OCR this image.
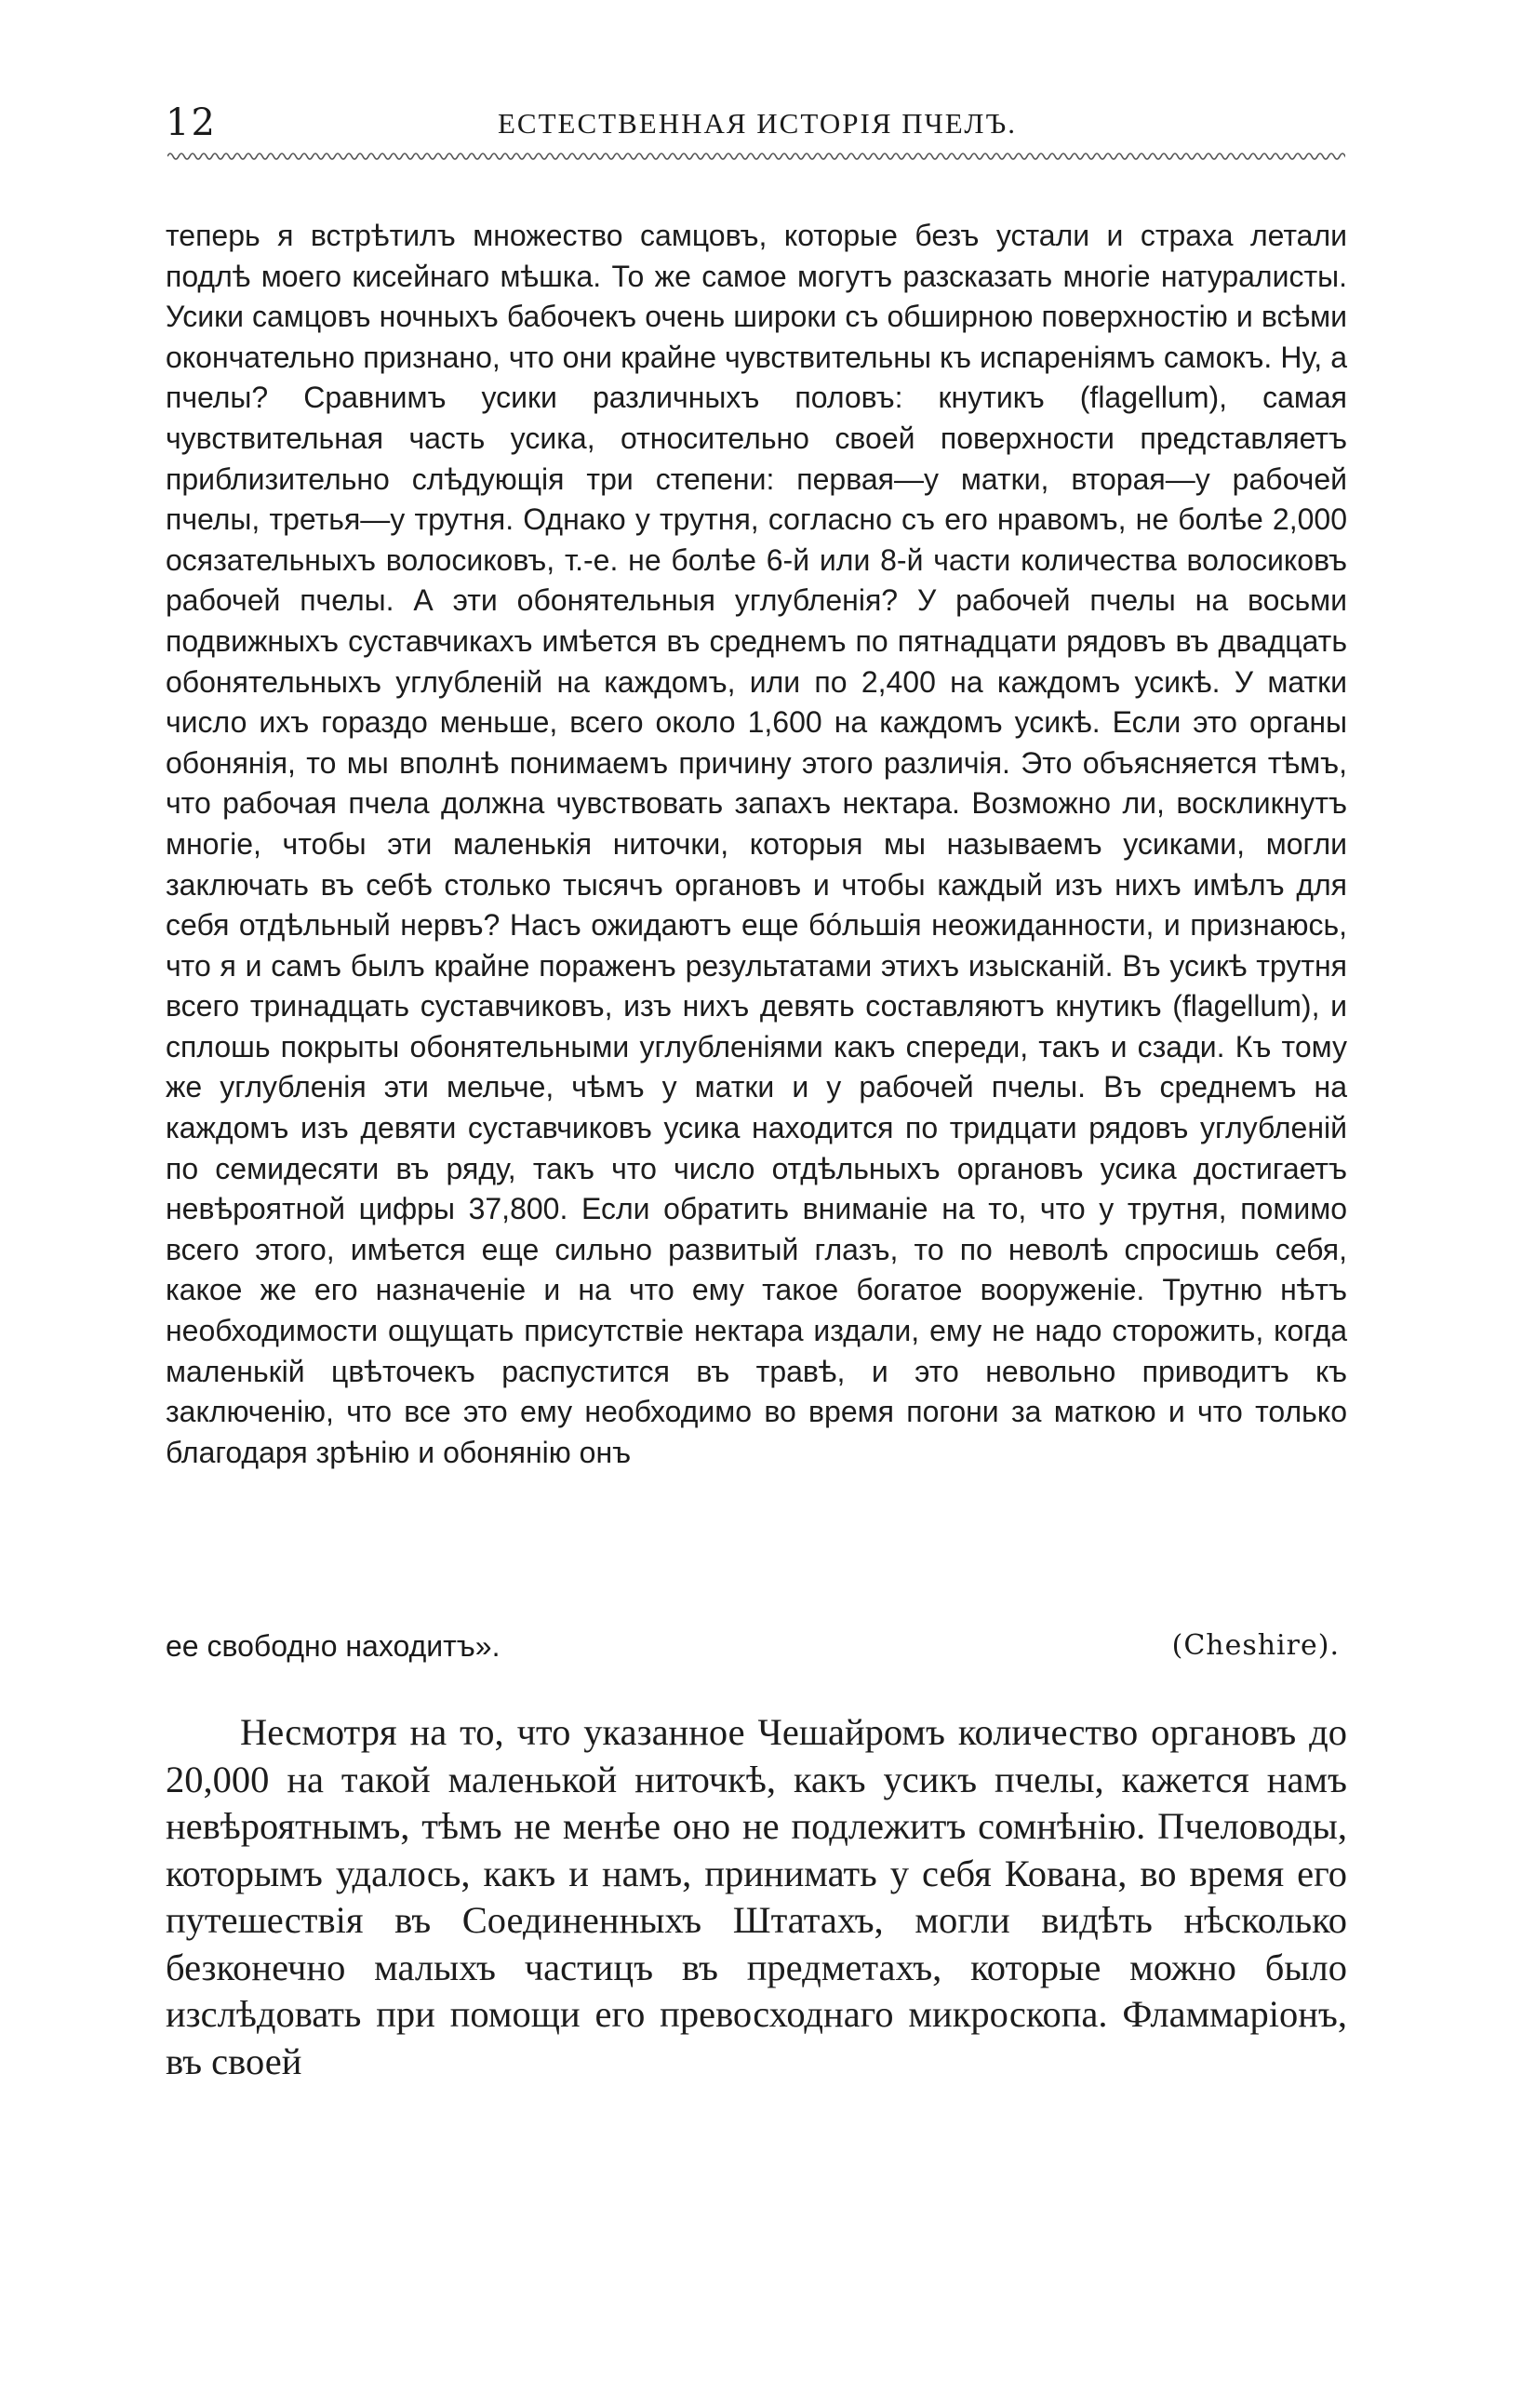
12	ЕСТЕСТВЕННАЯ ИСТОРІЯ ПЧЕЛЪ.

теперь я встрѣтилъ множество самцовъ, которые безъ устали и страха летали подлѣ моего кисейнаго мѣшка. То же самое могутъ разсказать многіе натуралисты. Усики самцовъ ночныхъ бабочекъ очень широки съ обширною поверхностію и всѣми окончательно признано, что они крайне чувствительны къ испареніямъ самокъ. Ну, а пчелы? Сравнимъ усики различныхъ половъ: кнутикъ (flagellum), самая чувствительная часть усика, относительно своей поверхности представляетъ приблизительно слѣдующія три степени: первая—у матки, вторая—у рабочей пчелы, третья—у трутня. Однако у трутня, согласно съ его нравомъ, не болѣе 2,000 осязательныхъ волосиковъ, т.-е. не болѣе 6-й или 8-й части количества волосиковъ рабочей пчелы. А эти обонятельныя углубленія? У рабочей пчелы на восьми подвижныхъ суставчикахъ имѣется въ среднемъ по пятнадцати рядовъ въ двадцать обонятельныхъ углубленій на каждомъ, или по 2,400 на каждомъ усикѣ. У матки число ихъ гораздо меньше, всего около 1,600 на каждомъ усикѣ. Если это органы обонянія, то мы вполнѣ понимаемъ причину этого различія. Это объясняется тѣмъ, что рабочая пчела должна чувствовать запахъ нектара. Возможно ли, воскликнутъ многіе, чтобы эти маленькія ниточки, которыя мы называемъ усиками, могли заключать въ себѣ столько тысячъ органовъ и чтобы каждый изъ нихъ имѣлъ для себя отдѣльный нервъ? Насъ ожидаютъ еще бóльшія неожиданности, и признаюсь, что я и самъ былъ крайне пораженъ результатами этихъ изысканій. Въ усикѣ трутня всего тринадцать суставчиковъ, изъ нихъ девять составляютъ кнутикъ (flagellum), и сплошь покрыты обонятельными углубленіями какъ спереди, такъ и сзади. Къ тому же углубленія эти мельче, чѣмъ у матки и у рабочей пчелы. Въ среднемъ на каждомъ изъ девяти суставчиковъ усика находится по тридцати рядовъ углубленій по семидесяти въ ряду, такъ что число отдѣльныхъ органовъ усика достигаетъ невѣроятной цифры 37,800. Если обратить вниманіе на то, что у трутня, помимо всего этого, имѣется еще сильно развитый глазъ, то по неволѣ спросишь себя, какое же его назначеніе и на что ему такое богатое вооруженіе. Трутню нѣтъ необходимости ощущать присутствіе нектара издали, ему не надо сторожить, когда маленькій цвѣточекъ распустится въ травѣ, и это невольно приводитъ къ заключенію, что все это ему необходимо во время погони за маткою и что только благодаря зрѣнію и обонянію онъ

ее свободно находитъ».	(Cheshire).

Несмотря на то, что указанное Чешайромъ количество органовъ до 20,000 на такой маленькой ниточкѣ, какъ усикъ пчелы, кажется намъ невѣроятнымъ, тѣмъ не менѣе оно не подлежитъ сомнѣнію. Пчеловоды, которымъ удалось, какъ и намъ, принимать у себя Кована, во время его путешествія въ Соединенныхъ Штатахъ, могли видѣть нѣсколько безконечно малыхъ частицъ въ предметахъ, которые можно было изслѣдовать при помощи его превосходнаго микроскопа. Фламмаріонъ, въ своей
